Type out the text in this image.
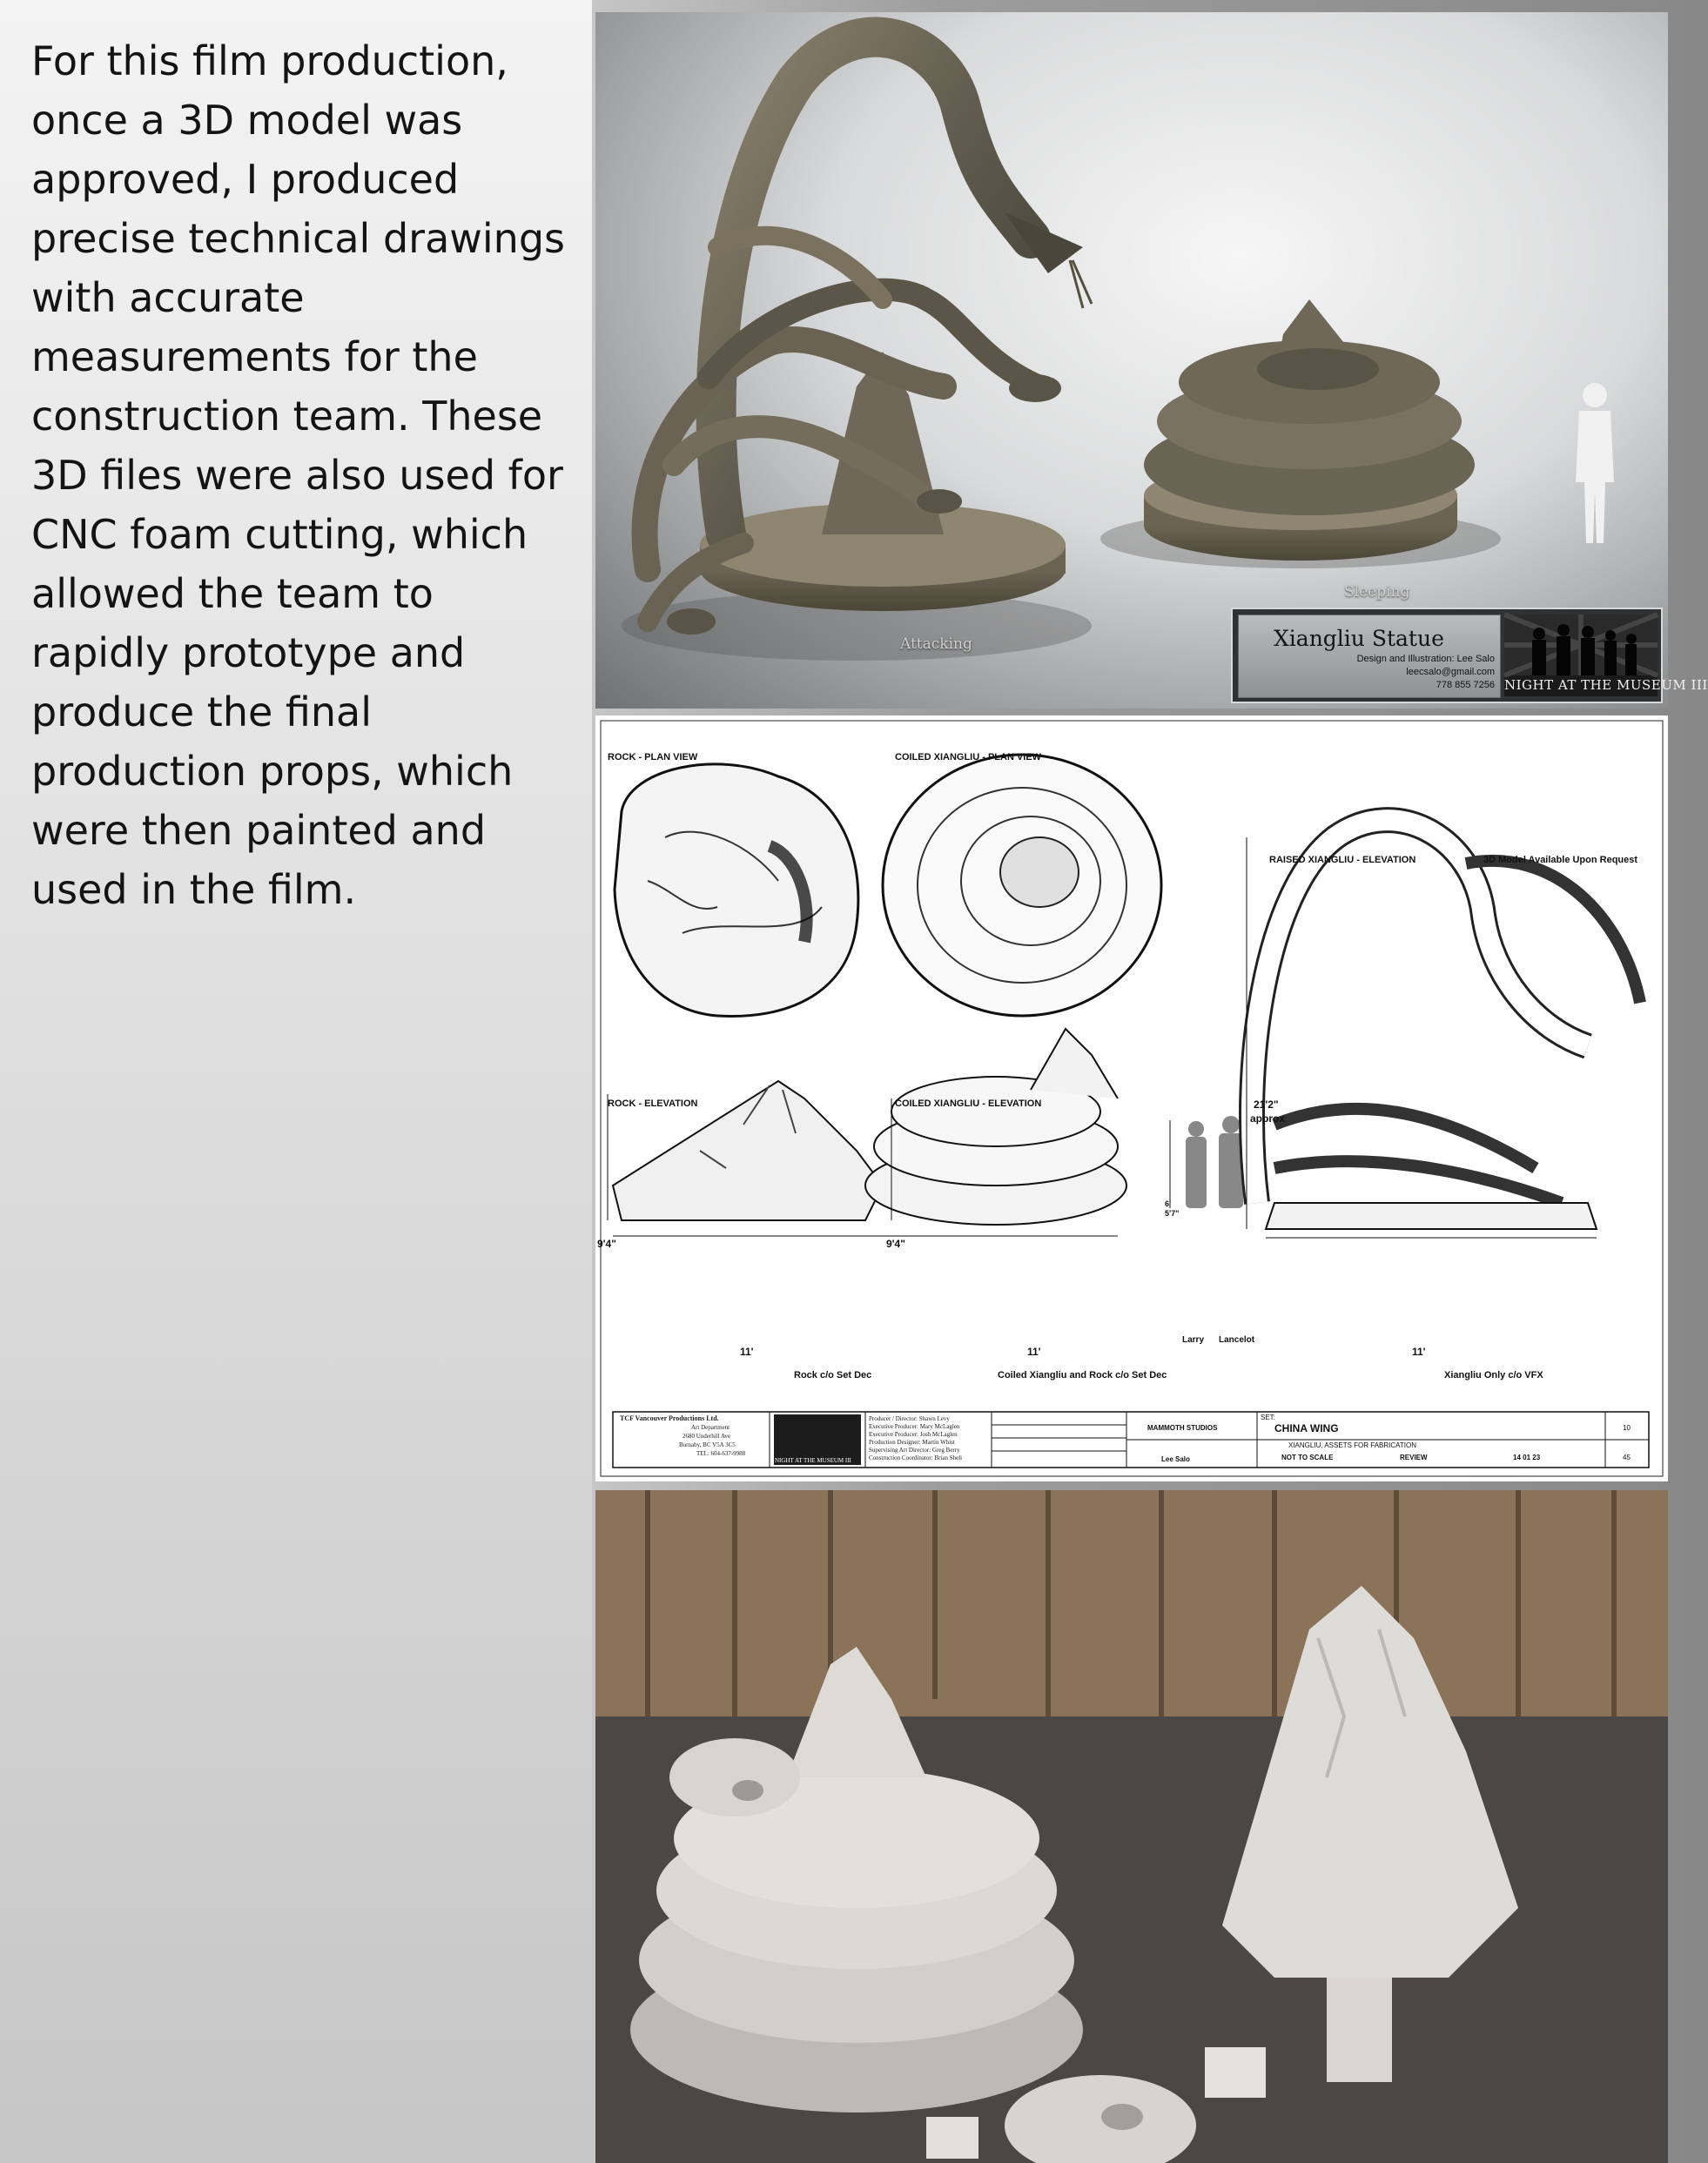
For this film production, once a 3D model was approved, I produced precise technical drawings with accurate measurements for the construction team. These 3D files were also used for CNC foam cutting, which allowed the team to rapidly prototype and produce the final production props, which were then painted and used in the film.

Attacking
Sleeping
Xiangliu Statue
Design and Illustration: Lee Salo
leecsalo@gmail.com
778 855 7256 NIGHT AT THE MUSEUM III
ROCK - PLAN VIEW	COILED XIANGLIU - PLAN VIEW
RAISED XIANGLIU - ELEVATION	3D Model Available Upon Request
ROCK - ELEVATION	COILED XIANGLIU - ELEVATION
9'4"	9'4"
21'2"
approx
11'	11'	11'
6'
5'7"
Larry Lancelot
Rock c/o Set Dec	Coiled Xiangliu and Rock c/o Set Dec	Xiangliu Only c/o VFX
TCF Vancouver Productions Ltd.
Art Department
2680 Underhill Ave
Burnaby, BC V5A 3C5
TEL: 604-637-9988
NIGHT AT THE MUSEUM III
Producer / Director: Shawn Levy
Executive Producer: Mary McLaglen
Executive Producer: Josh McLaglen
Production Designer: Martin Whist
Supervising Art Director: Greg Berry
Construction Coordinator: Brian Sheli
MAMMOTH STUDIOS
SET:
CHINA WING
XIANGLIU, ASSETS FOR FABRICATION
Lee Salo	NOT TO SCALE	REVIEW	14 01 23
10
45
